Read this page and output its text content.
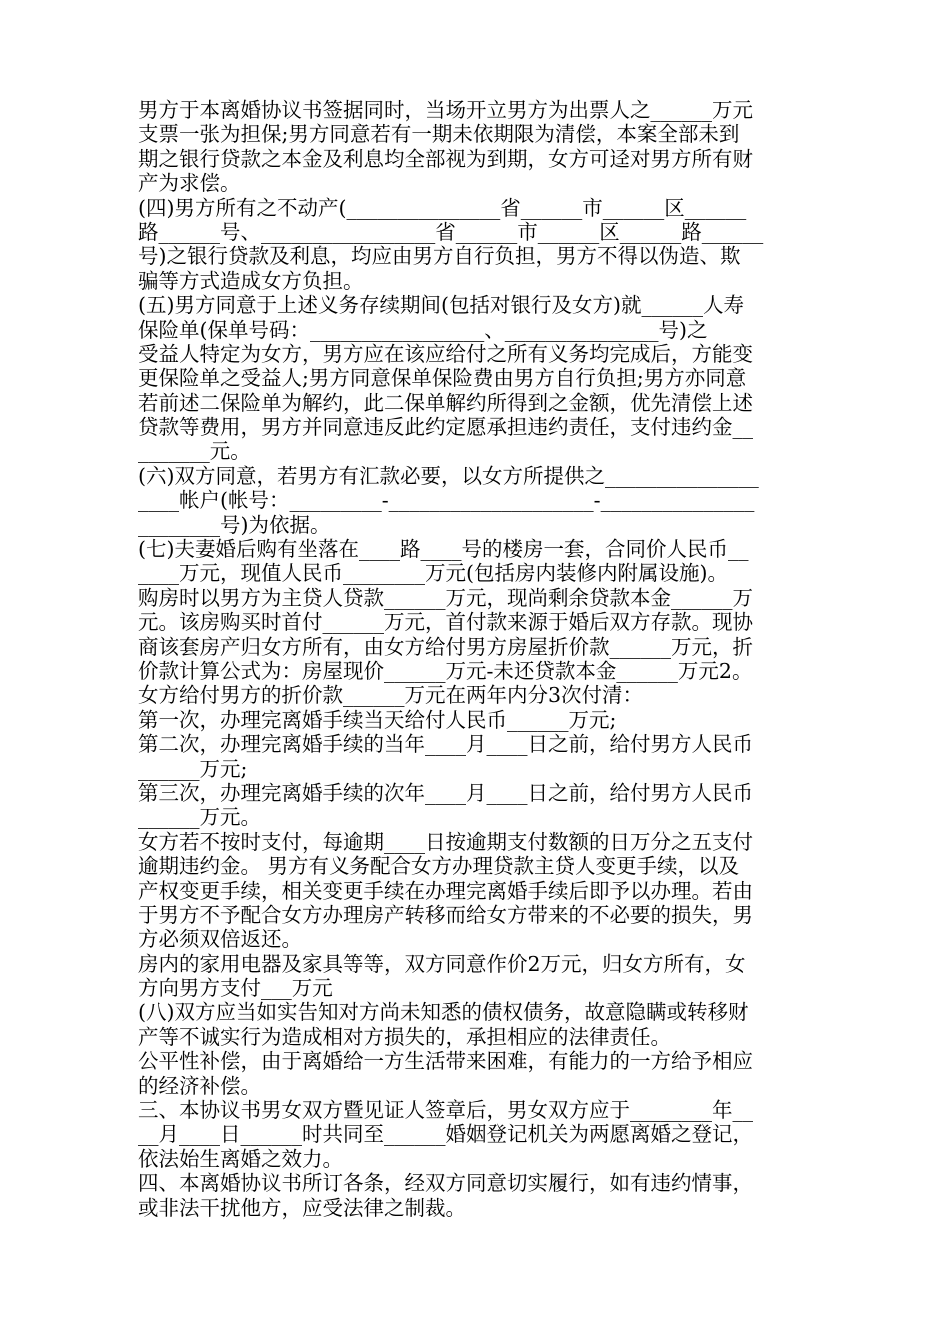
男方于本离婚协议书签据同时，当场开立男方为出票人之______万元
支票一张为担保;男方同意若有一期未依期限为清偿，本案全部未到
期之银行贷款之本金及利息均全部视为到期，女方可迳对男方所有财
产为求偿。
(四)男方所有之不动产(_______________省______市______区______
路______号、_________________省______市______区______路______
号)之银行贷款及利息，均应由男方自行负担，男方不得以伪造、欺
骗等方式造成女方负担。
(五)男方同意于上述义务存续期间(包括对银行及女方)就______人寿
保险单(保单号码：_________________、_______________号)之
受益人特定为女方，男方应在该应给付之所有义务均完成后，方能变
更保险单之受益人;男方同意保单保险费由男方自行负担;男方亦同意
若前述二保险单为解约，此二保单解约所得到之金额，优先清偿上述
贷款等费用，男方并同意违反此约定愿承担违约责任，支付违约金__
_______元。
(六)双方同意，若男方有汇款必要，以女方所提供之_______________
____帐户(帐号：_________-____________________-_______________
________号)为依据。
(七)夫妻婚后购有坐落在____路____号的楼房一套，合同价人民币__
____万元，现值人民币________万元(包括房内装修内附属设施)。
购房时以男方为主贷人贷款______万元，现尚剩余贷款本金______万
元。该房购买时首付______万元，首付款来源于婚后双方存款。现协
商该套房产归女方所有，由女方给付男方房屋折价款______万元，折
价款计算公式为：房屋现价______万元-未还贷款本金______万元2。
女方给付男方的折价款______万元在两年内分3次付清：
第一次，办理完离婚手续当天给付人民币______万元;
第二次，办理完离婚手续的当年____月____日之前，给付男方人民币
______万元;
第三次，办理完离婚手续的次年____月____日之前，给付男方人民币
______万元。
女方若不按时支付，每逾期____日按逾期支付数额的日万分之五支付
逾期违约金。 男方有义务配合女方办理贷款主贷人变更手续，以及
产权变更手续，相关变更手续在办理完离婚手续后即予以办理。若由
于男方不予配合女方办理房产转移而给女方带来的不必要的损失，男
方必须双倍返还。
房内的家用电器及家具等等，双方同意作价2万元，归女方所有，女
方向男方支付___万元
(八)双方应当如实告知对方尚未知悉的债权债务，故意隐瞒或转移财
产等不诚实行为造成相对方损失的，承担相应的法律责任。
公平性补偿，由于离婚给一方生活带来困难，有能力的一方给予相应
的经济补偿。
三、本协议书男女双方暨见证人签章后，男女双方应于________年__
__月____日______时共同至______婚姻登记机关为两愿离婚之登记，
依法始生离婚之效力。
四、本离婚协议书所订各条，经双方同意切实履行，如有违约情事，
或非法干扰他方，应受法律之制裁。
